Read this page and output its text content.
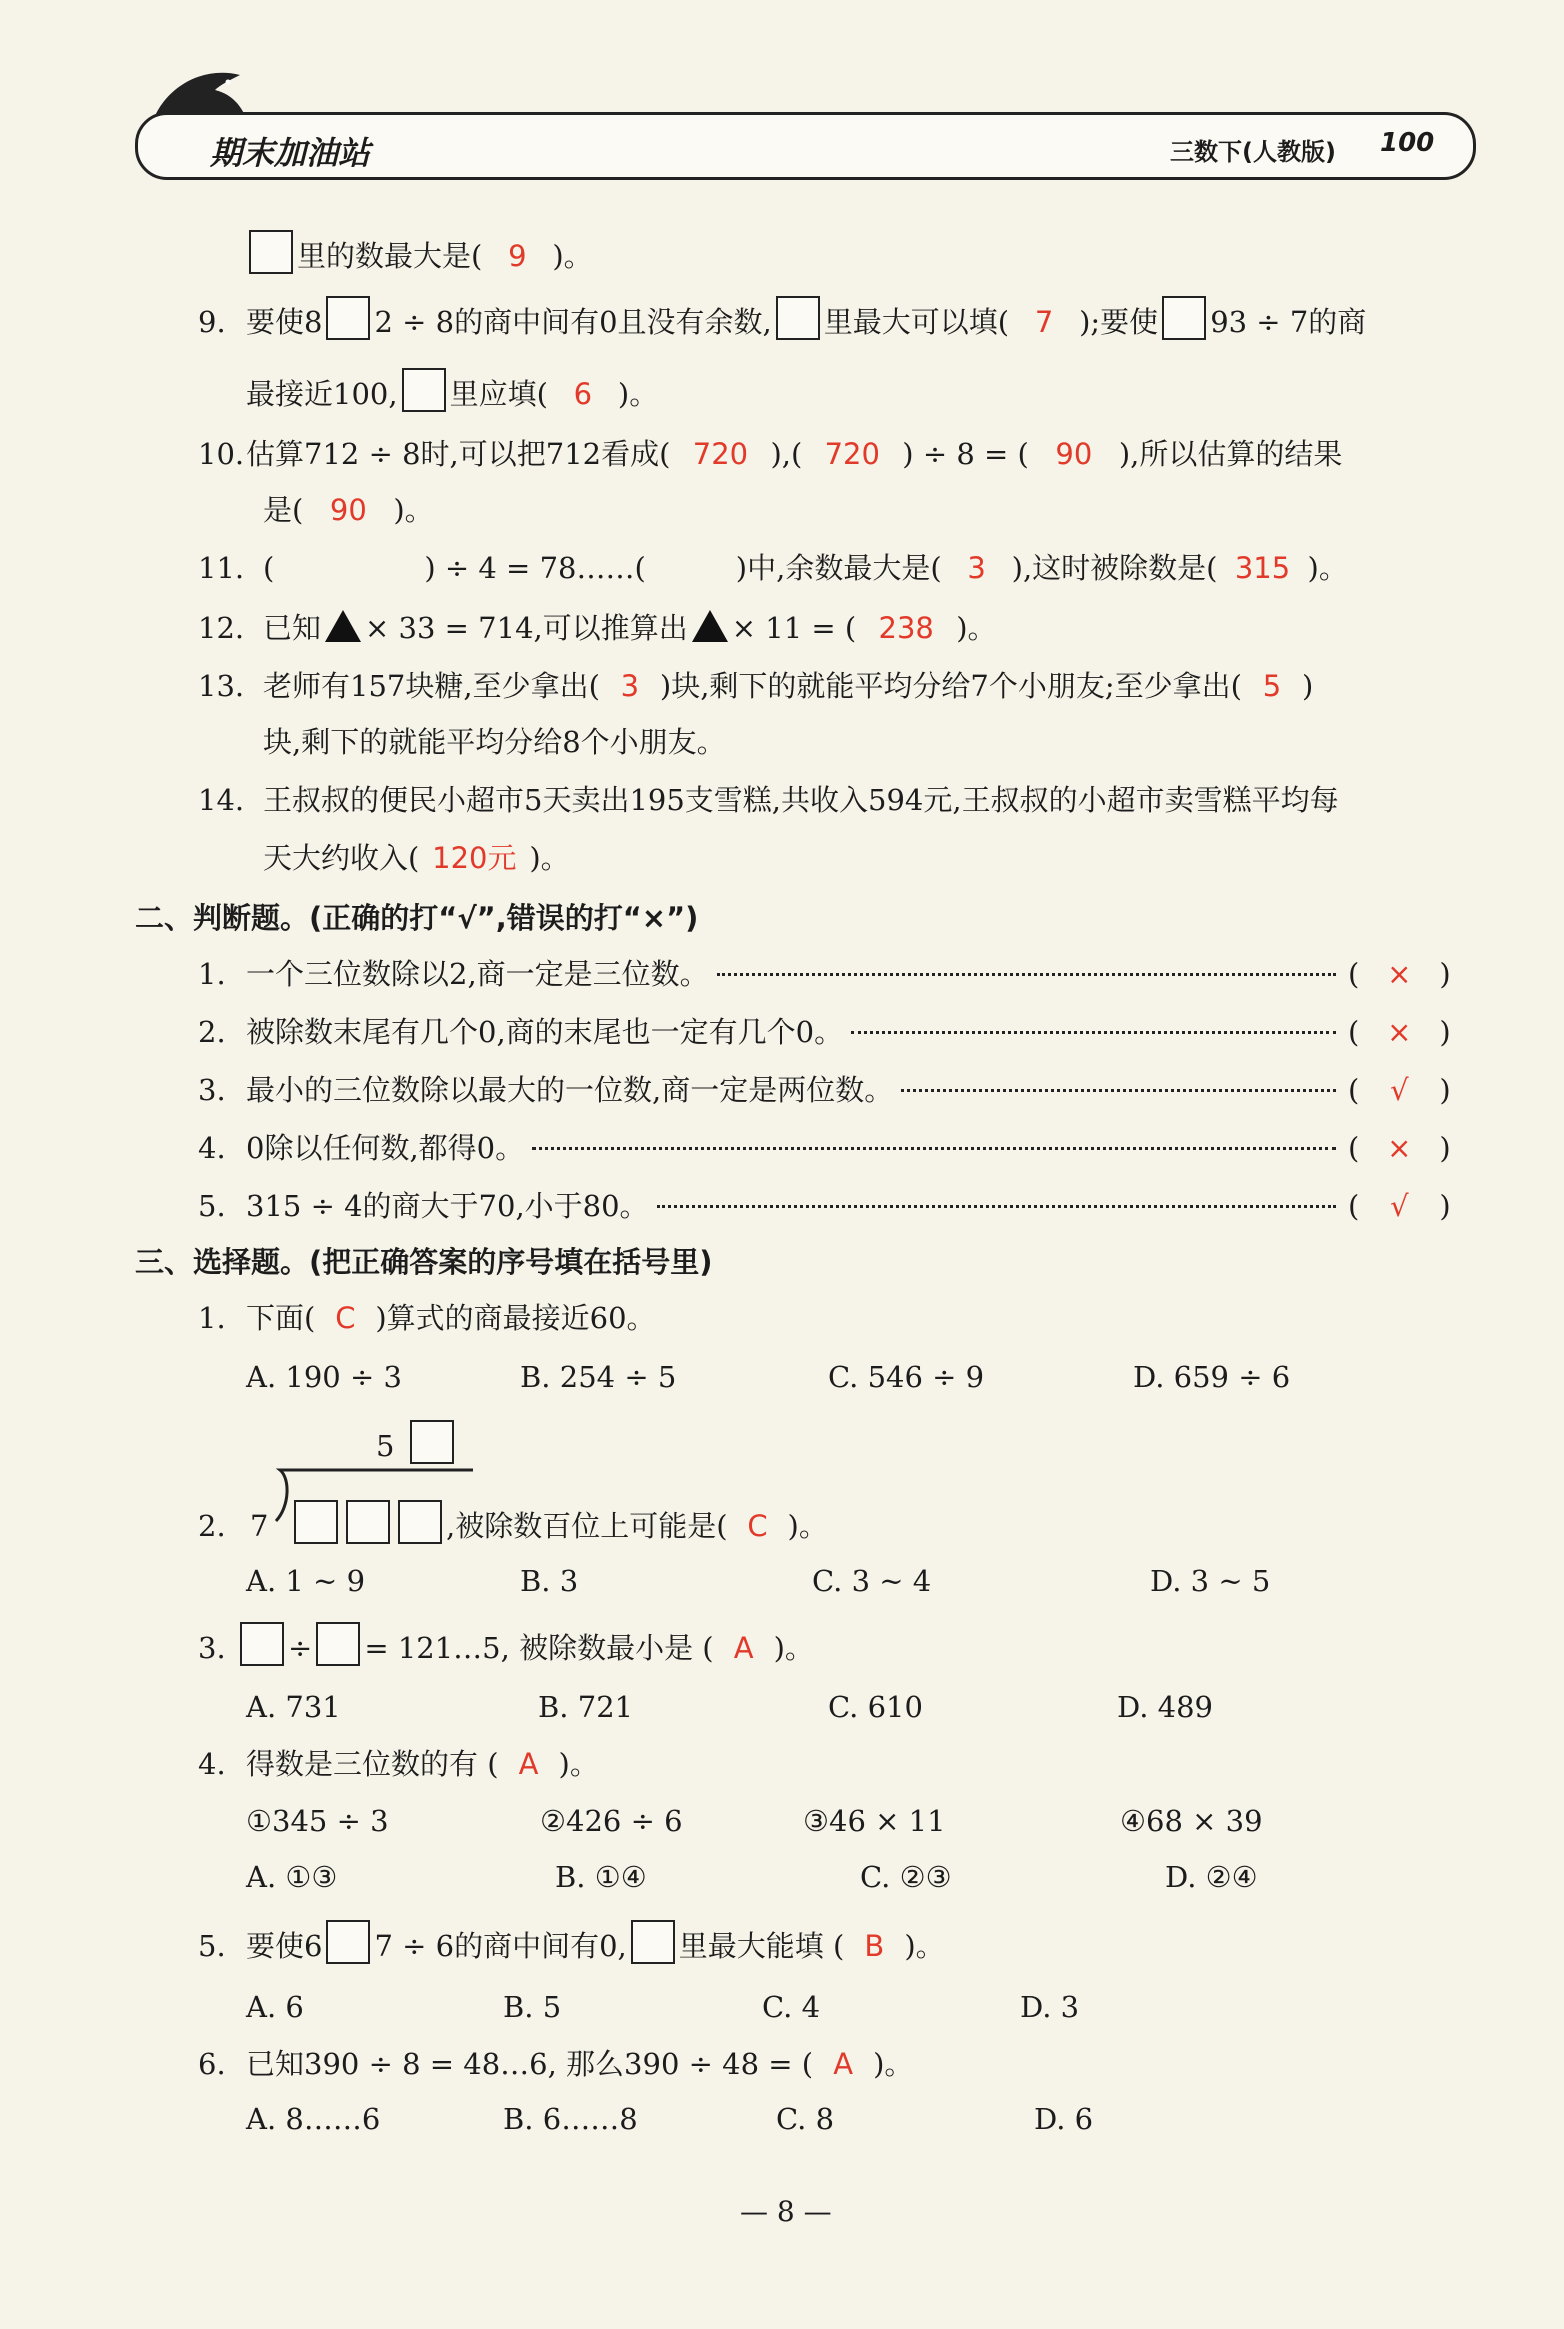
期末加油站	三数下(人教版) 100
里的数最大是( 9 )。
9. 要使8 2 ÷ 8的商中间有0且没有余数, 里最大可以填( 7 );要使 93 ÷ 7的商
最接近100, 里应填( 6 )。
10.估算712 ÷ 8时,可以把712看成( 720 ),( 720 ) ÷ 8 = ( 90 ),所以估算的结果
是( 90 )。
11. (	) ÷ 4 = 78……(	)中,余数最大是( 3 ),这时被除数是( 315 )。
12. 已知 × 33 = 714,可以推算出 × 11 = ( 238 )。
13. 老师有157块糖,至少拿出( 3 )块,剩下的就能平均分给7个小朋友;至少拿出( 5 )
块,剩下的就能平均分给8个小朋友。
14. 王叔叔的便民小超市5天卖出195支雪糕,共收入594元,王叔叔的小超市卖雪糕平均每
天大约收入( 120元 )。
二、判断题。(正确的打“√”,错误的打“×”)
1. 一个三位数除以2,商一定是三位数。	( × )
2. 被除数末尾有几个0,商的末尾也一定有几个0。	( × )
3. 最小的三位数除以最大的一位数,商一定是两位数。	( √ )
4. 0除以任何数,都得0。	( × )
5. 315 ÷ 4的商大于70,小于80。	( √ )
三、选择题。(把正确答案的序号填在括号里)
1. 下面( C )算式的商最接近60。
A. 190 ÷ 3	B. 254 ÷ 5	C. 546 ÷ 9	D. 659 ÷ 6
5
2. 7	,被除数百位上可能是( C )。
A. 1 ~ 9	B. 3	C. 3 ~ 4	D. 3 ~ 5
3. ÷ = 121…5, 被除数最小是 ( A )。
A. 731	B. 721	C. 610	D. 489
4. 得数是三位数的有 ( A )。
①345 ÷ 3	②426 ÷ 6	③46 × 11	④68 × 39
A. ①③	B. ①④	C. ②③	D. ②④
5. 要使6 7 ÷ 6的商中间有0, 里最大能填 ( B )。
A. 6	B. 5	C. 4	D. 3
6. 已知390 ÷ 8 = 48…6, 那么390 ÷ 48 = ( A )。
A. 8……6	B. 6……8	C. 8	D. 6
— 8 —
